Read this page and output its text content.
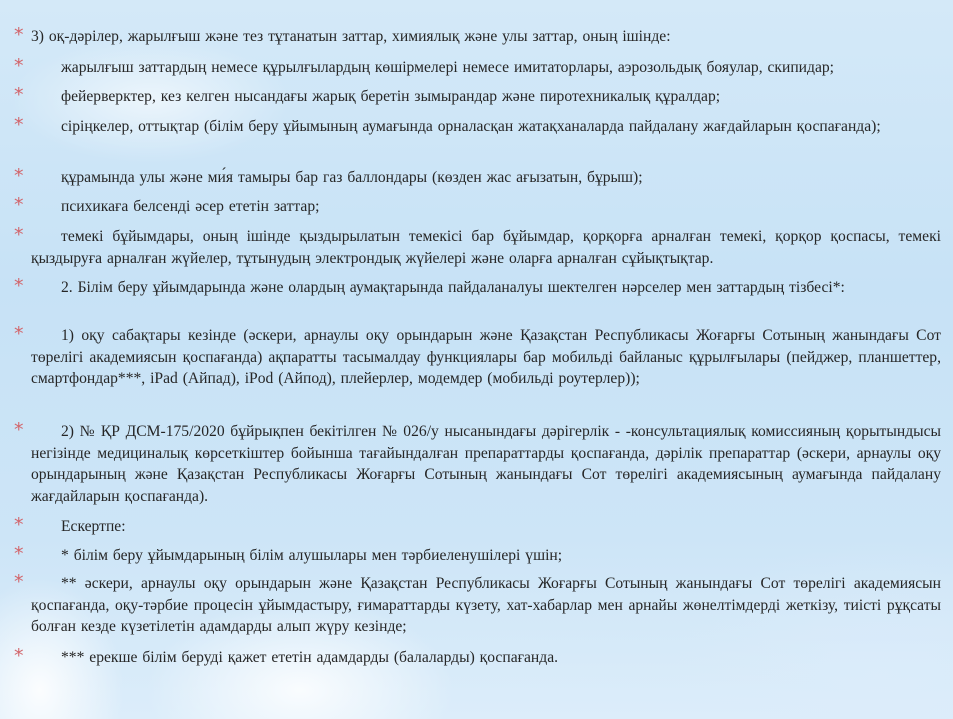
* 3) оқ-дәрілер, жарылғыш және тез тұтанатын заттар, химиялық және улы заттар, оның ішінде:
*	жарылғыш заттардың немесе құрылғылардың көшірмелері немесе имитаторлары, аэрозольдық бояулар, скипидар;
*	фейерверктер, кез келген нысандағы жарық беретін зымырандар және пиротехникалық құралдар;
*	сіріңкелер, оттықтар (білім беру ұйымының аумағында орналасқан жатақханаларда пайдалану жағдайларын қоспағанда);
*	құрамында улы және ми́я тамыры бар газ баллондары (көзден жас ағызатын, бұрыш);
*	психикаға белсенді әсер ететін заттар;
*	темекі бұйымдары, оның ішінде қыздырылатын темекісі бар бұйымдар, қорқорға арналған темекі, қорқор қоспасы, темекі қыздыруға арналған жүйелер, тұтынудың электрондық жүйелері және оларға арналған сұйықтықтар.
*	2. Білім беру ұйымдарында және олардың аумақтарында пайдаланалуы шектелген нәрселер мен заттардың тізбесі*:
*	1) оқу сабақтары кезінде (әскери, арнаулы оқу орындарын және Қазақстан Республикасы Жоғарғы Сотының жанындағы Сот төрелігі академиясын қоспағанда) ақпаратты тасымалдау функциялары бар мобильді байланыс құрылғылары (пейджер, планшеттер, смартфондар***, iPad (Айпад), iPod (Айпод), плейерлер, модемдер (мобильді роутерлер));
*	2) № ҚР ДСМ-175/2020 бұйрықпен бекітілген № 026/у нысанындағы дәрігерлік - -консультациялық комиссияның қорытындысы негізінде медициналық көрсеткіштер бойынша тағайындалған препараттарды қоспағанда, дәрілік препараттар (әскери, арнаулы оқу орындарының және Қазақстан Республикасы Жоғарғы Сотының жанындағы Сот төрелігі академиясының аумағында пайдалану жағдайларын қоспағанда).
*	Ескертпе:
*	* білім беру ұйымдарының білім алушылары мен тәрбиеленушілері үшін;
*	** әскери, арнаулы оқу орындарын және Қазақстан Республикасы Жоғарғы Сотының жанындағы Сот төрелігі академиясын қоспағанда, оқу-тәрбие процесін ұйымдастыру, ғимараттарды күзету, хат-хабарлар мен арнайы жөнелтімдерді жеткізу, тиісті рұқсаты болған кезде күзетілетін адамдарды алып жүру кезінде;
*	*** ерекше білім беруді қажет ететін адамдарды (балаларды) қоспағанда.
